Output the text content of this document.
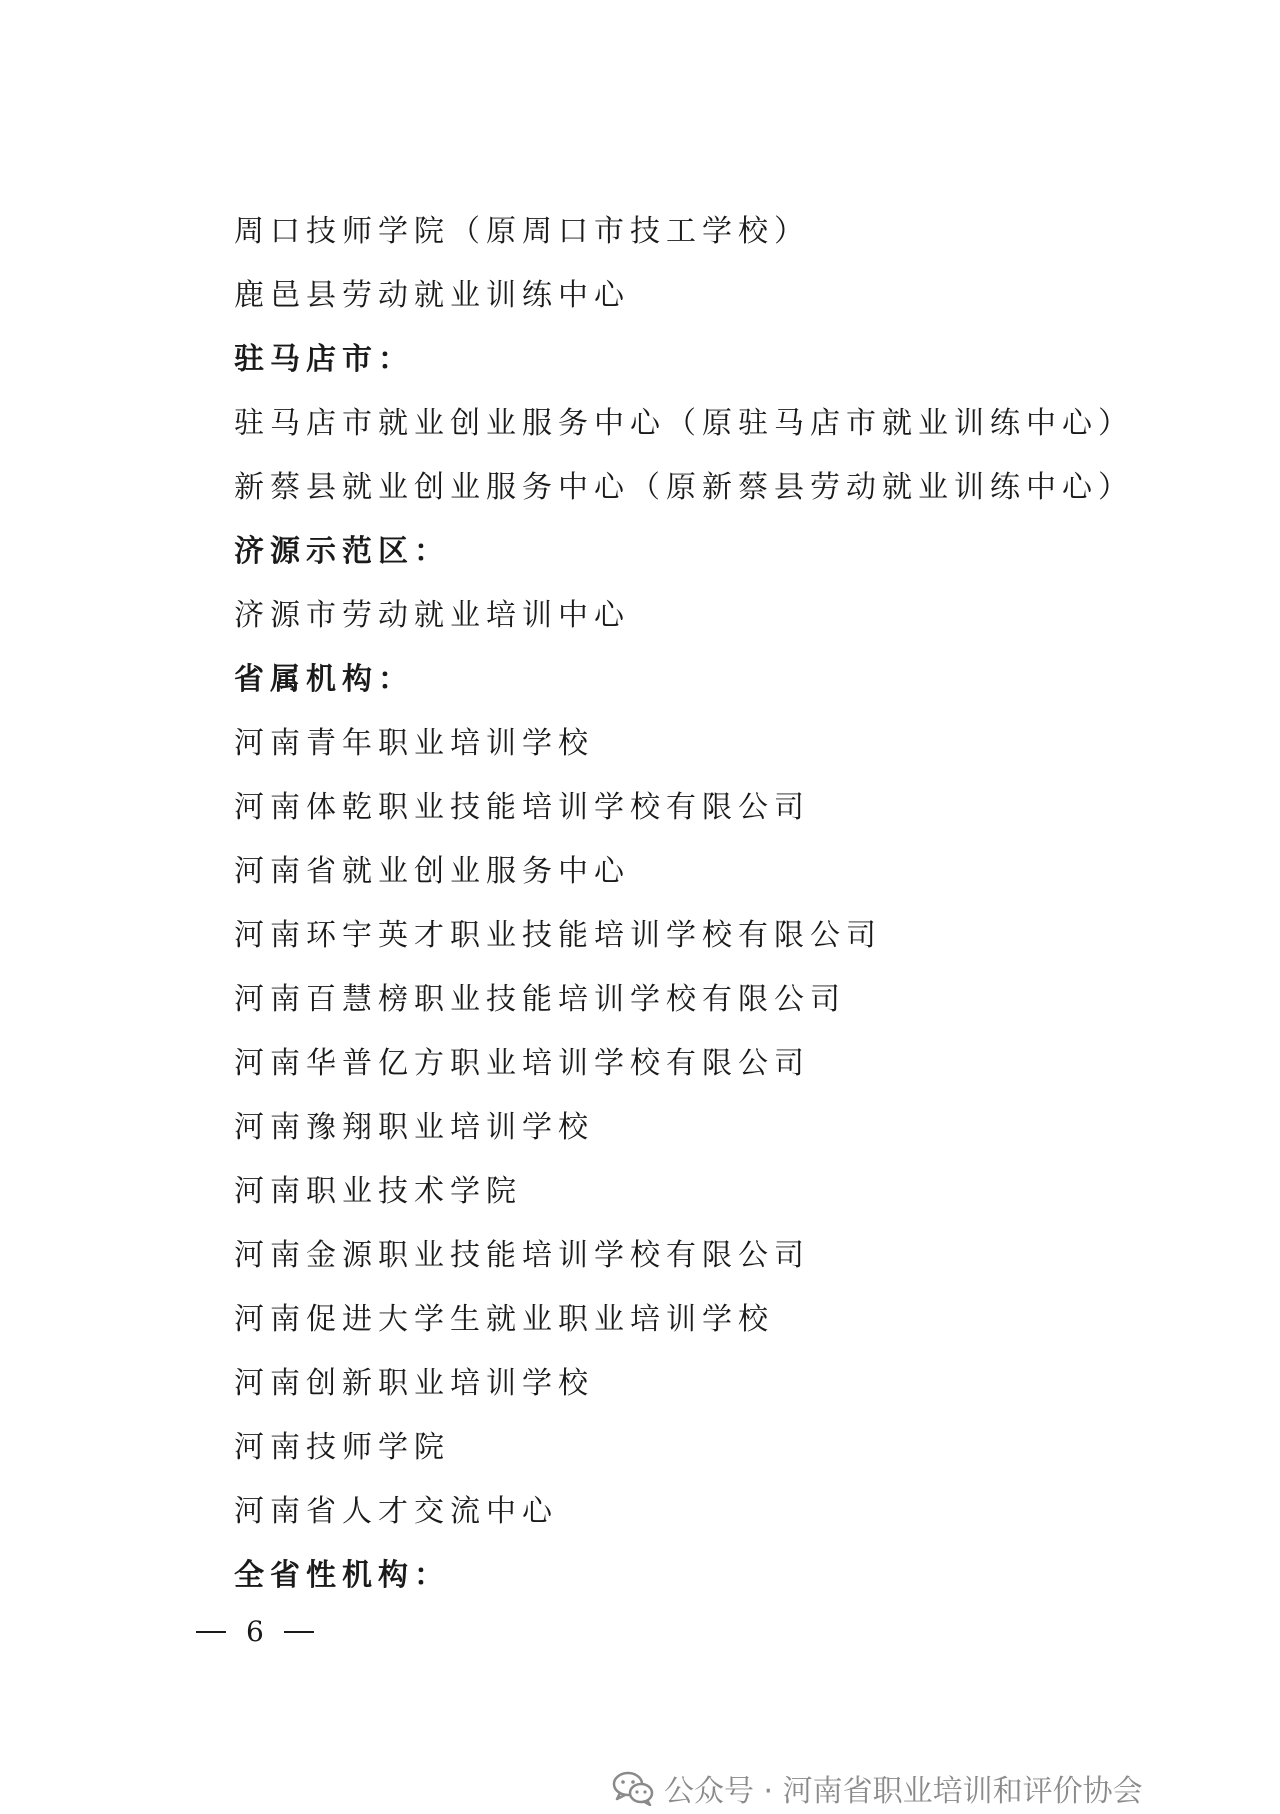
周口技师学院（原周口市技工学校）
鹿邑县劳动就业训练中心
驻马店市：
驻马店市就业创业服务中心（原驻马店市就业训练中心）
新蔡县就业创业服务中心（原新蔡县劳动就业训练中心）
济源示范区：
济源市劳动就业培训中心
省属机构：
河南青年职业培训学校
河南体乾职业技能培训学校有限公司
河南省就业创业服务中心
河南环宇英才职业技能培训学校有限公司
河南百慧榜职业技能培训学校有限公司
河南华普亿方职业培训学校有限公司
河南豫翔职业培训学校
河南职业技术学院
河南金源职业技能培训学校有限公司
河南促进大学生就业职业培训学校
河南创新职业培训学校
河南技师学院
河南省人才交流中心
全省性机构：
6
公众号 · 河南省职业培训和评价协会
